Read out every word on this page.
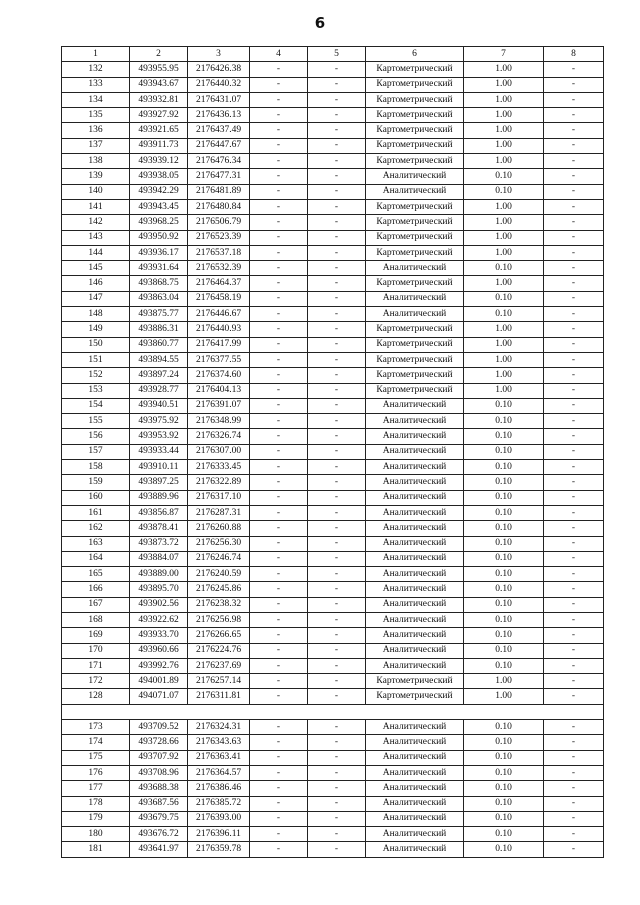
6
1	2	3	4	5	6	7	8
132	493955.95	2176426.38	-	-	Картометрический	1.00	-
133	493943.67	2176440.32	-	-	Картометрический	1.00	-
134	493932.81	2176431.07	-	-	Картометрический	1.00	-
135	493927.92	2176436.13	-	-	Картометрический	1.00	-
136	493921.65	2176437.49	-	-	Картометрический	1.00	-
137	493911.73	2176447.67	-	-	Картометрический	1.00	-
138	493939.12	2176476.34	-	-	Картометрический	1.00	-
139	493938.05	2176477.31	-	-	Аналитический	0.10	-
140	493942.29	2176481.89	-	-	Аналитический	0.10	-
141	493943.45	2176480.84	-	-	Картометрический	1.00	-
142	493968.25	2176506.79	-	-	Картометрический	1.00	-
143	493950.92	2176523.39	-	-	Картометрический	1.00	-
144	493936.17	2176537.18	-	-	Картометрический	1.00	-
145	493931.64	2176532.39	-	-	Аналитический	0.10	-
146	493868.75	2176464.37	-	-	Картометрический	1.00	-
147	493863.04	2176458.19	-	-	Аналитический	0.10	-
148	493875.77	2176446.67	-	-	Аналитический	0.10	-
149	493886.31	2176440.93	-	-	Картометрический	1.00	-
150	493860.77	2176417.99	-	-	Картометрический	1.00	-
151	493894.55	2176377.55	-	-	Картометрический	1.00	-
152	493897.24	2176374.60	-	-	Картометрический	1.00	-
153	493928.77	2176404.13	-	-	Картометрический	1.00	-
154	493940.51	2176391.07	-	-	Аналитический	0.10	-
155	493975.92	2176348.99	-	-	Аналитический	0.10	-
156	493953.92	2176326.74	-	-	Аналитический	0.10	-
157	493933.44	2176307.00	-	-	Аналитический	0.10	-
158	493910.11	2176333.45	-	-	Аналитический	0.10	-
159	493897.25	2176322.89	-	-	Аналитический	0.10	-
160	493889.96	2176317.10	-	-	Аналитический	0.10	-
161	493856.87	2176287.31	-	-	Аналитический	0.10	-
162	493878.41	2176260.88	-	-	Аналитический	0.10	-
163	493873.72	2176256.30	-	-	Аналитический	0.10	-
164	493884.07	2176246.74	-	-	Аналитический	0.10	-
165	493889.00	2176240.59	-	-	Аналитический	0.10	-
166	493895.70	2176245.86	-	-	Аналитический	0.10	-
167	493902.56	2176238.32	-	-	Аналитический	0.10	-
168	493922.62	2176256.98	-	-	Аналитический	0.10	-
169	493933.70	2176266.65	-	-	Аналитический	0.10	-
170	493960.66	2176224.76	-	-	Аналитический	0.10	-
171	493992.76	2176237.69	-	-	Аналитический	0.10	-
172	494001.89	2176257.14	-	-	Картометрический	1.00	-
128	494071.07	2176311.81	-	-	Картометрический	1.00	-

173	493709.52	2176324.31	-	-	Аналитический	0.10	-
174	493728.66	2176343.63	-	-	Аналитический	0.10	-
175	493707.92	2176363.41	-	-	Аналитический	0.10	-
176	493708.96	2176364.57	-	-	Аналитический	0.10	-
177	493688.38	2176386.46	-	-	Аналитический	0.10	-
178	493687.56	2176385.72	-	-	Аналитический	0.10	-
179	493679.75	2176393.00	-	-	Аналитический	0.10	-
180	493676.72	2176396.11	-	-	Аналитический	0.10	-
181	493641.97	2176359.78	-	-	Аналитический	0.10	-
